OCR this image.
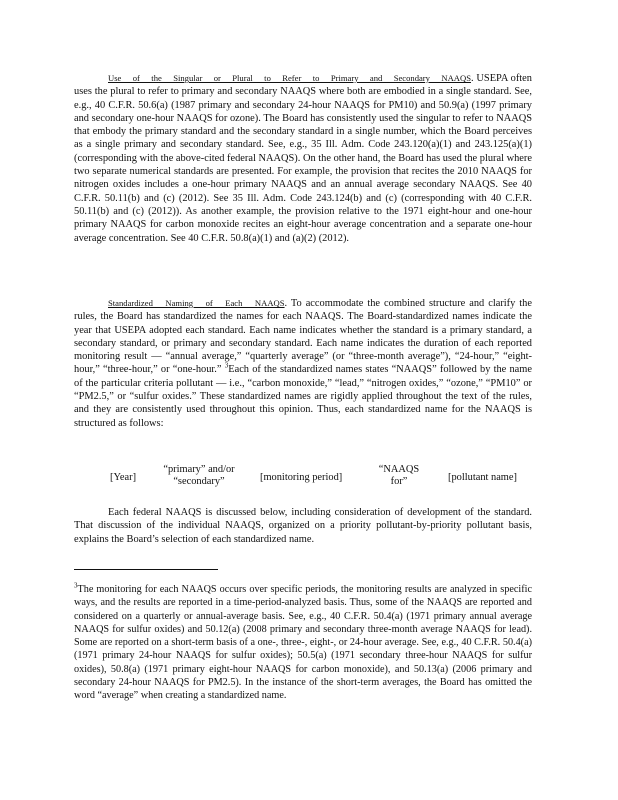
Use of the Singular or Plural to Refer to Primary and Secondary NAAQS. USEPA often uses the plural to refer to primary and secondary NAAQS where both are embodied in a single standard. See, e.g., 40 C.F.R. 50.6(a) (1987 primary and secondary 24-hour NAAQS for PM10) and 50.9(a) (1997 primary and secondary one-hour NAAQS for ozone). The Board has consistently used the singular to refer to NAAQS that embody the primary standard and the secondary standard in a single number, which the Board perceives as a single primary and secondary standard. See, e.g., 35 Ill. Adm. Code 243.120(a)(1) and 243.125(a)(1) (corresponding with the above-cited federal NAAQS). On the other hand, the Board has used the plural where two separate numerical standards are presented. For example, the provision that recites the 2010 NAAQS for nitrogen oxides includes a one-hour primary NAAQS and an annual average secondary NAAQS. See 40 C.F.R. 50.11(b) and (c) (2012). See 35 Ill. Adm. Code 243.124(b) and (c) (corresponding with 40 C.F.R. 50.11(b) and (c) (2012)). As another example, the provision relative to the 1971 eight-hour and one-hour primary NAAQS for carbon monoxide recites an eight-hour average concentration and a separate one-hour average concentration. See 40 C.F.R. 50.8(a)(1) and (a)(2) (2012).

Standardized Naming of Each NAAQS. To accommodate the combined structure and clarify the rules, the Board has standardized the names for each NAAQS. The Board-standardized names indicate the year that USEPA adopted each standard. Each name indicates whether the standard is a primary standard, a secondary standard, or primary and secondary standard. Each name indicates the duration of each reported monitoring result — “annual average,” “quarterly average” (or “three-month average”), “24-hour,” “eight-hour,” “three-hour,” or “one-hour.” $^3$Each of the standardized names states “NAAQS” followed by the name of the particular criteria pollutant — i.e., “carbon monoxide,” “lead,” “nitrogen oxides,” “ozone,” “PM10” or “PM2.5,” or “sulfur oxides.” These standardized names are rigidly applied throughout the text of the rules, and they are consistently used throughout this opinion. Thus, each standardized name for the NAAQS is structured as follows:

[Year]
“primary” and/or
“secondary”	[monitoring period]
“NAAQS
for”	[pollutant name]

Each federal NAAQS is discussed below, including consideration of development of the standard. That discussion of the individual NAAQS, organized on a priority pollutant-by-priority pollutant basis, explains the Board’s selection of each standardized name.

$^3$The monitoring for each NAAQS occurs over specific periods, the monitoring results are analyzed in specific ways, and the results are reported in a time-period-analyzed basis. Thus, some of the NAAQS are reported and considered on a quarterly or annual-average basis. See, e.g., 40 C.F.R. 50.4(a) (1971 primary annual average NAAQS for sulfur oxides) and 50.12(a) (2008 primary and secondary three-month average NAAQS for lead). Some are reported on a short-term basis of a one-, three-, eight-, or 24-hour average. See, e.g., 40 C.F.R. 50.4(a) (1971 primary 24-hour NAAQS for sulfur oxides); 50.5(a) (1971 secondary three-hour NAAQS for sulfur oxides), 50.8(a) (1971 primary eight-hour NAAQS for carbon monoxide), and 50.13(a) (2006 primary and secondary 24-hour NAAQS for PM2.5). In the instance of the short-term averages, the Board has omitted the word “average” when creating a standardized name.
